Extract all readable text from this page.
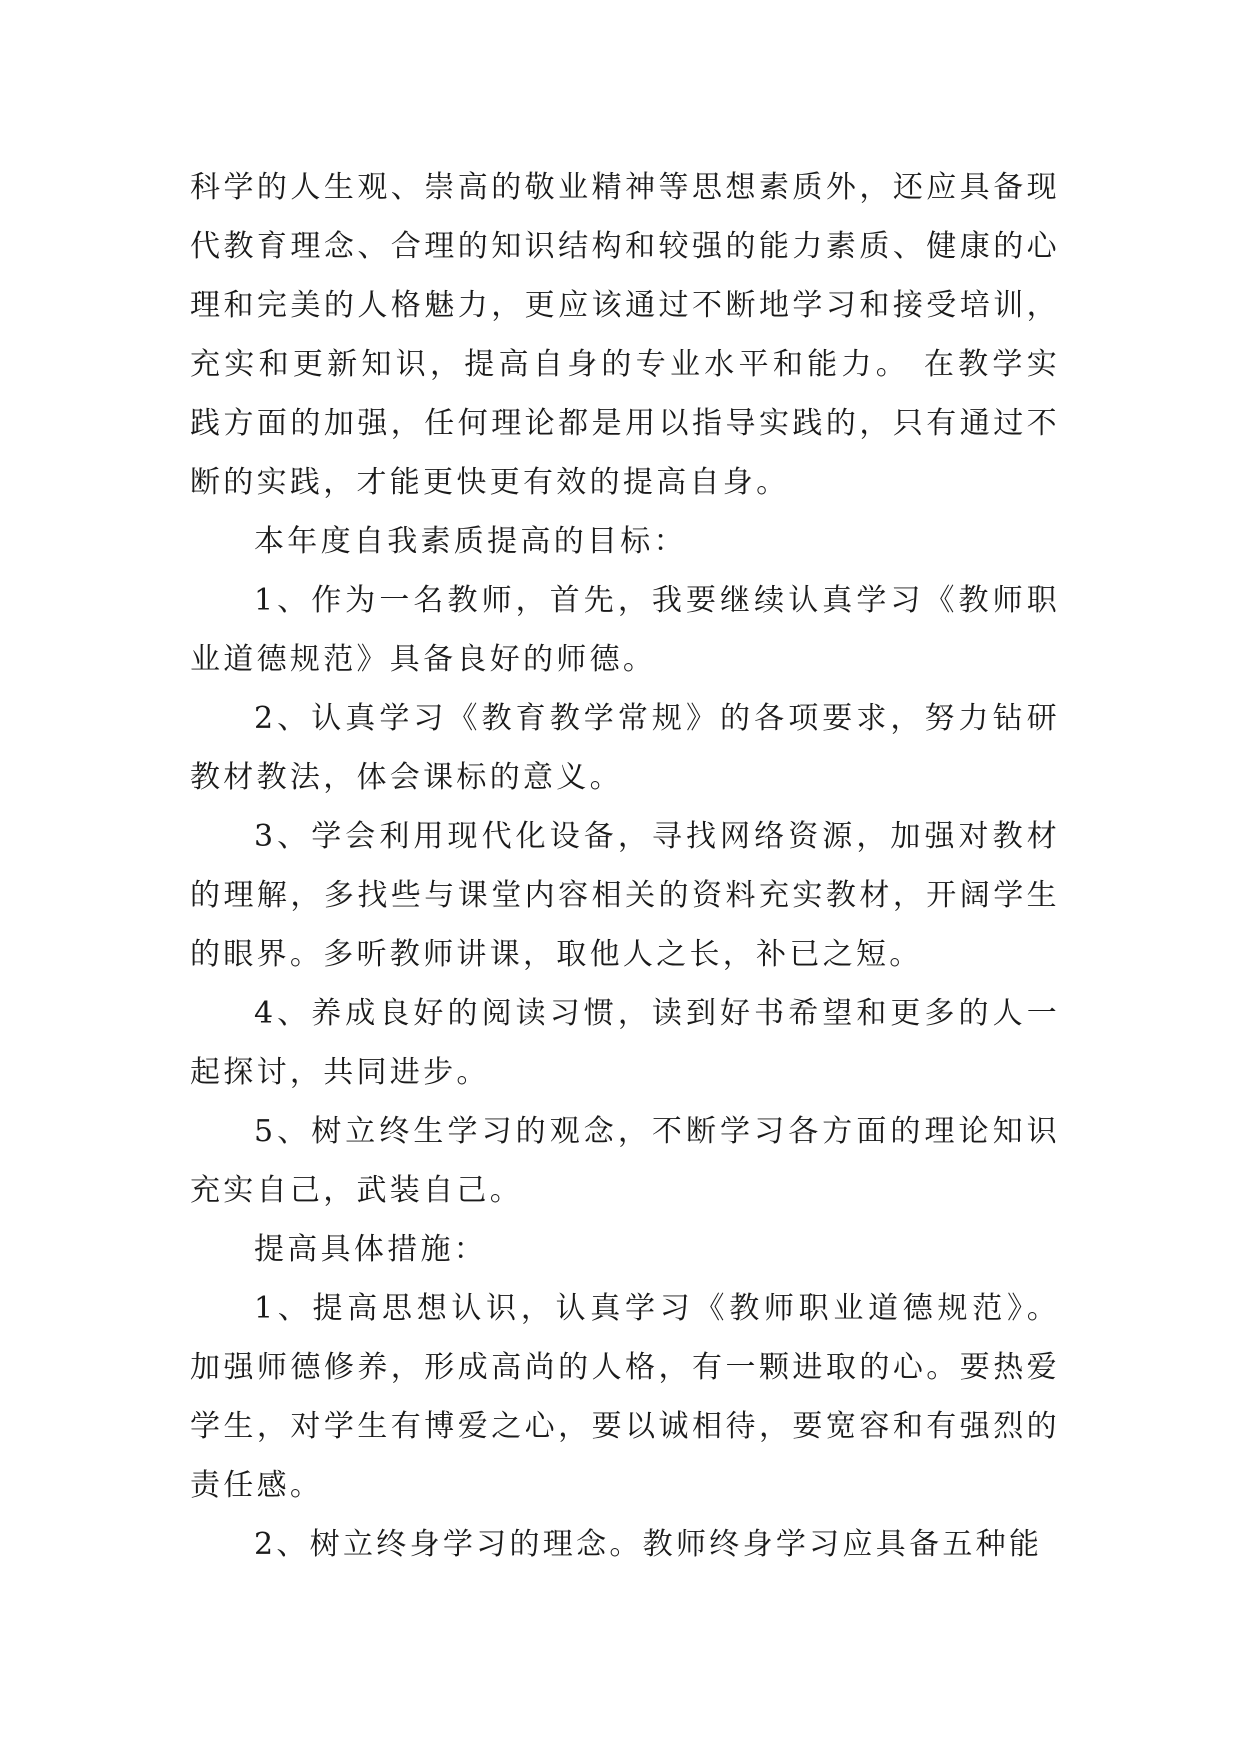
科学的人生观、崇高的敬业精神等思想素质外，还应具备现代教育理念、合理的知识结构和较强的能力素质、健康的心理和完美的人格魅力，更应该通过不断地学习和接受培训，充实和更新知识，提高自身的专业水平和能力。 在教学实践方面的加强，任何理论都是用以指导实践的，只有通过不断的实践，才能更快更有效的提高自身。

本年度自我素质提高的目标：

1、作为一名教师，首先，我要继续认真学习《教师职业道德规范》具备良好的师德。

2、认真学习《教育教学常规》的各项要求，努力钻研教材教法，体会课标的意义。

3、学会利用现代化设备，寻找网络资源，加强对教材的理解，多找些与课堂内容相关的资料充实教材，开阔学生的眼界。多听教师讲课，取他人之长，补已之短。

4、养成良好的阅读习惯，读到好书希望和更多的人一起探讨，共同进步。

5、树立终生学习的观念，不断学习各方面的理论知识充实自己，武装自己。

提高具体措施：

1、提高思想认识，认真学习《教师职业道德规范》。加强师德修养，形成高尚的人格，有一颗进取的心。要热爱学生，对学生有博爱之心，要以诚相待，要宽容和有强烈的责任感。

2、树立终身学习的理念。教师终身学习应具备五种能
